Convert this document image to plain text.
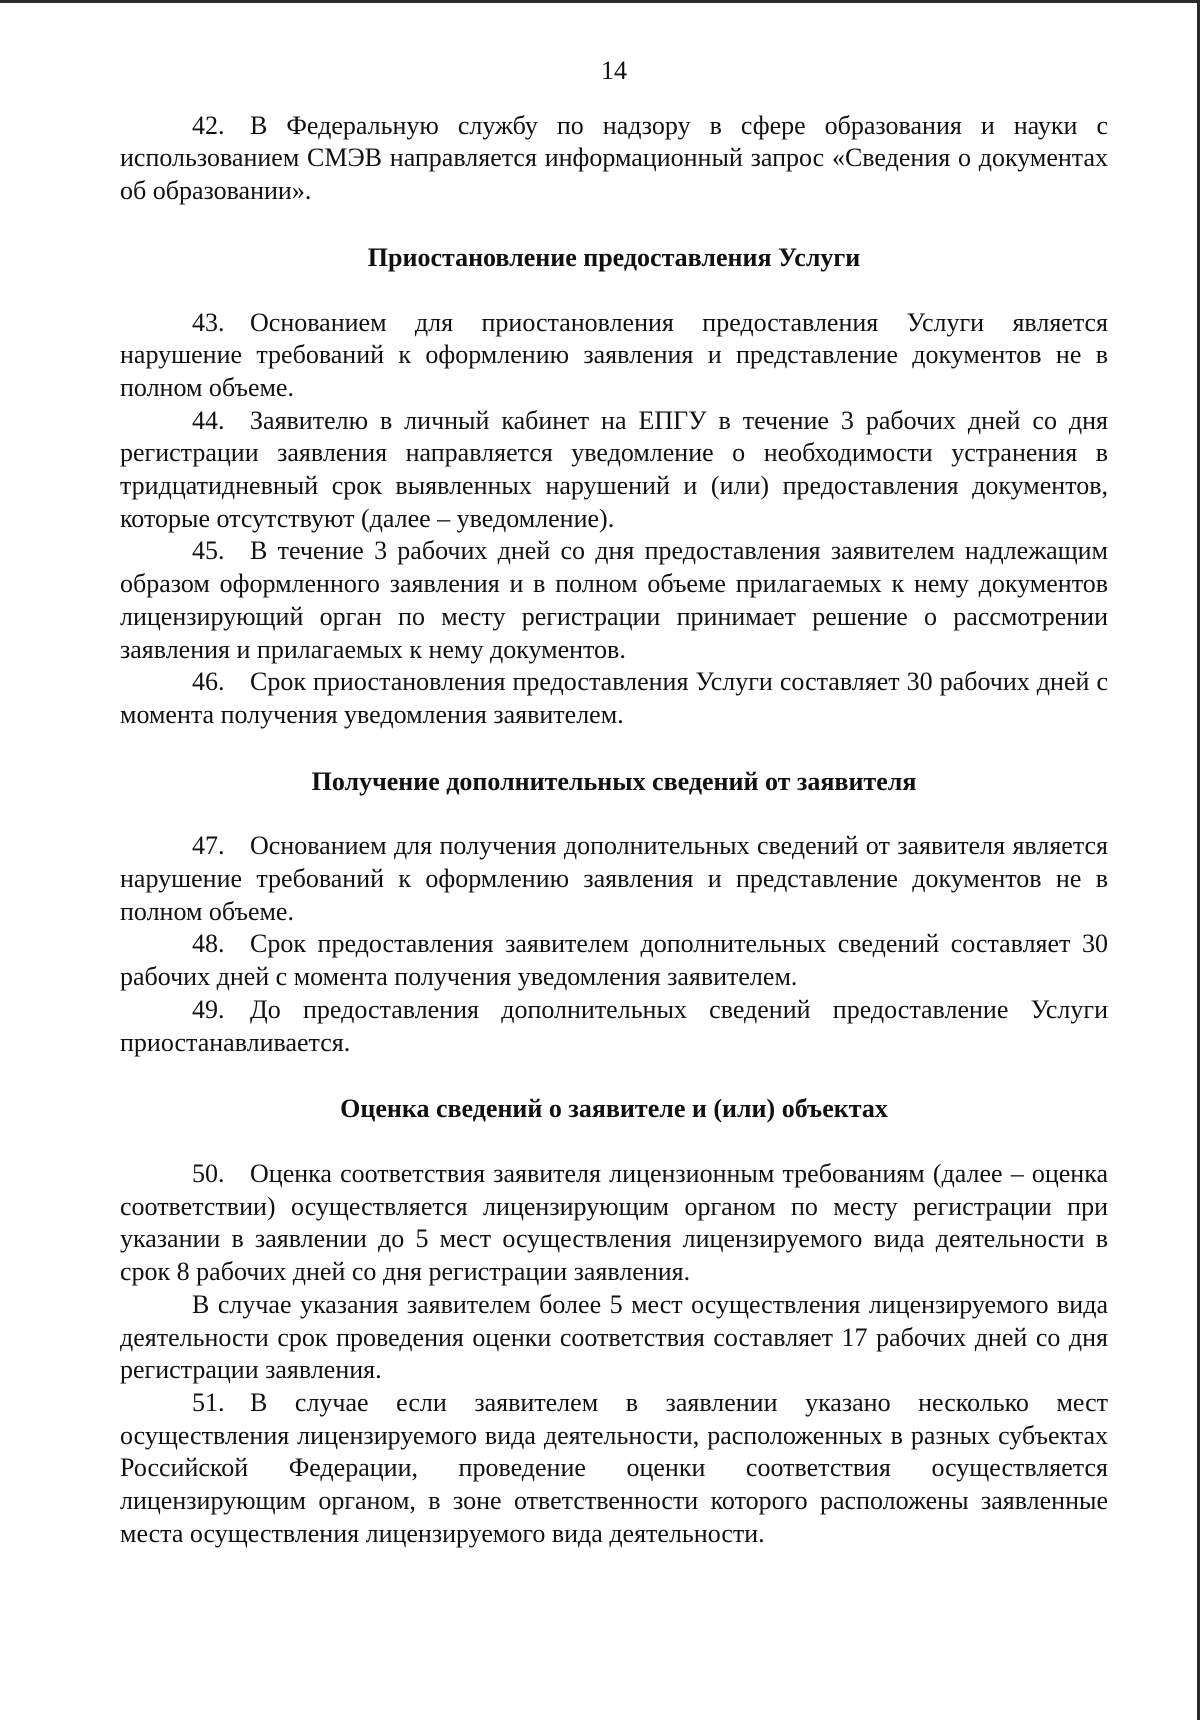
14

42. В Федеральную службу по надзору в сфере образования и науки с использованием СМЭВ направляется информационный запрос «Сведения о документах об образовании».

Приостановление предоставления Услуги

43. Основанием для приостановления предоставления Услуги является нарушение требований к оформлению заявления и представление документов не в полном объеме.

44. Заявителю в личный кабинет на ЕПГУ в течение 3 рабочих дней со дня регистрации заявления направляется уведомление о необходимости устранения в тридцатидневный срок выявленных нарушений и (или) предоставления документов, которые отсутствуют (далее – уведомление).

45. В течение 3 рабочих дней со дня предоставления заявителем надлежащим образом оформленного заявления и в полном объеме прилагаемых к нему документов лицензирующий орган по месту регистрации принимает решение о рассмотрении заявления и прилагаемых к нему документов.

46. Срок приостановления предоставления Услуги составляет 30 рабочих дней с момента получения уведомления заявителем.

Получение дополнительных сведений от заявителя

47. Основанием для получения дополнительных сведений от заявителя является нарушение требований к оформлению заявления и представление документов не в полном объеме.

48. Срок предоставления заявителем дополнительных сведений составляет 30 рабочих дней с момента получения уведомления заявителем.

49. До предоставления дополнительных сведений предоставление Услуги приостанавливается.

Оценка сведений о заявителе и (или) объектах

50. Оценка соответствия заявителя лицензионным требованиям (далее – оценка соответствии) осуществляется лицензирующим органом по месту регистрации при указании в заявлении до 5 мест осуществления лицензируемого вида деятельности в срок 8 рабочих дней со дня регистрации заявления.

В случае указания заявителем более 5 мест осуществления лицензируемого вида деятельности срок проведения оценки соответствия составляет 17 рабочих дней со дня регистрации заявления.

51. В случае если заявителем в заявлении указано несколько мест осуществления лицензируемого вида деятельности, расположенных в разных субъектах Российской Федерации, проведение оценки соответствия осуществляется лицензирующим органом, в зоне ответственности которого расположены заявленные места осуществления лицензируемого вида деятельности.
